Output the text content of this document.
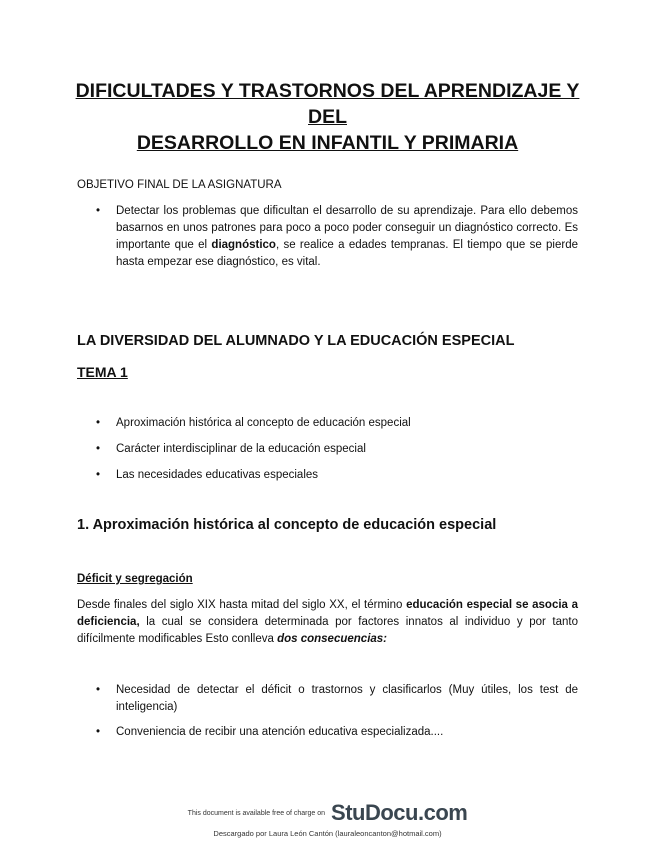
DIFICULTADES Y TRASTORNOS DEL APRENDIZAJE Y DEL
DESARROLLO EN INFANTIL Y PRIMARIA
OBJETIVO FINAL DE LA ASIGNATURA
• Detectar los problemas que dificultan el desarrollo de su aprendizaje. Para ello debemos basarnos en unos patrones para poco a poco poder conseguir un diagnóstico correcto. Es importante que el diagnóstico, se realice a edades tempranas. El tiempo que se pierde hasta empezar ese diagnóstico, es vital.
LA DIVERSIDAD DEL ALUMNADO Y LA EDUCACIÓN ESPECIAL
TEMA 1
• Aproximación histórica al concepto de educación especial
• Carácter interdisciplinar de la educación especial
• Las necesidades educativas especiales
1. Aproximación histórica al concepto de educación especial
Déficit y segregación
Desde finales del siglo XIX hasta mitad del siglo XX, el término educación especial se asocia a deficiencia, la cual se considera determinada por factores innatos al individuo y por tanto difícilmente modificables Esto conlleva dos consecuencias:
• Necesidad de detectar el déficit o trastornos y clasificarlos (Muy útiles, los test de inteligencia)
• Conveniencia de recibir una atención educativa especializada....
This document is available free of charge on StuDocu.com
Descargado por Laura León Cantón (lauraleoncanton@hotmail.com)
